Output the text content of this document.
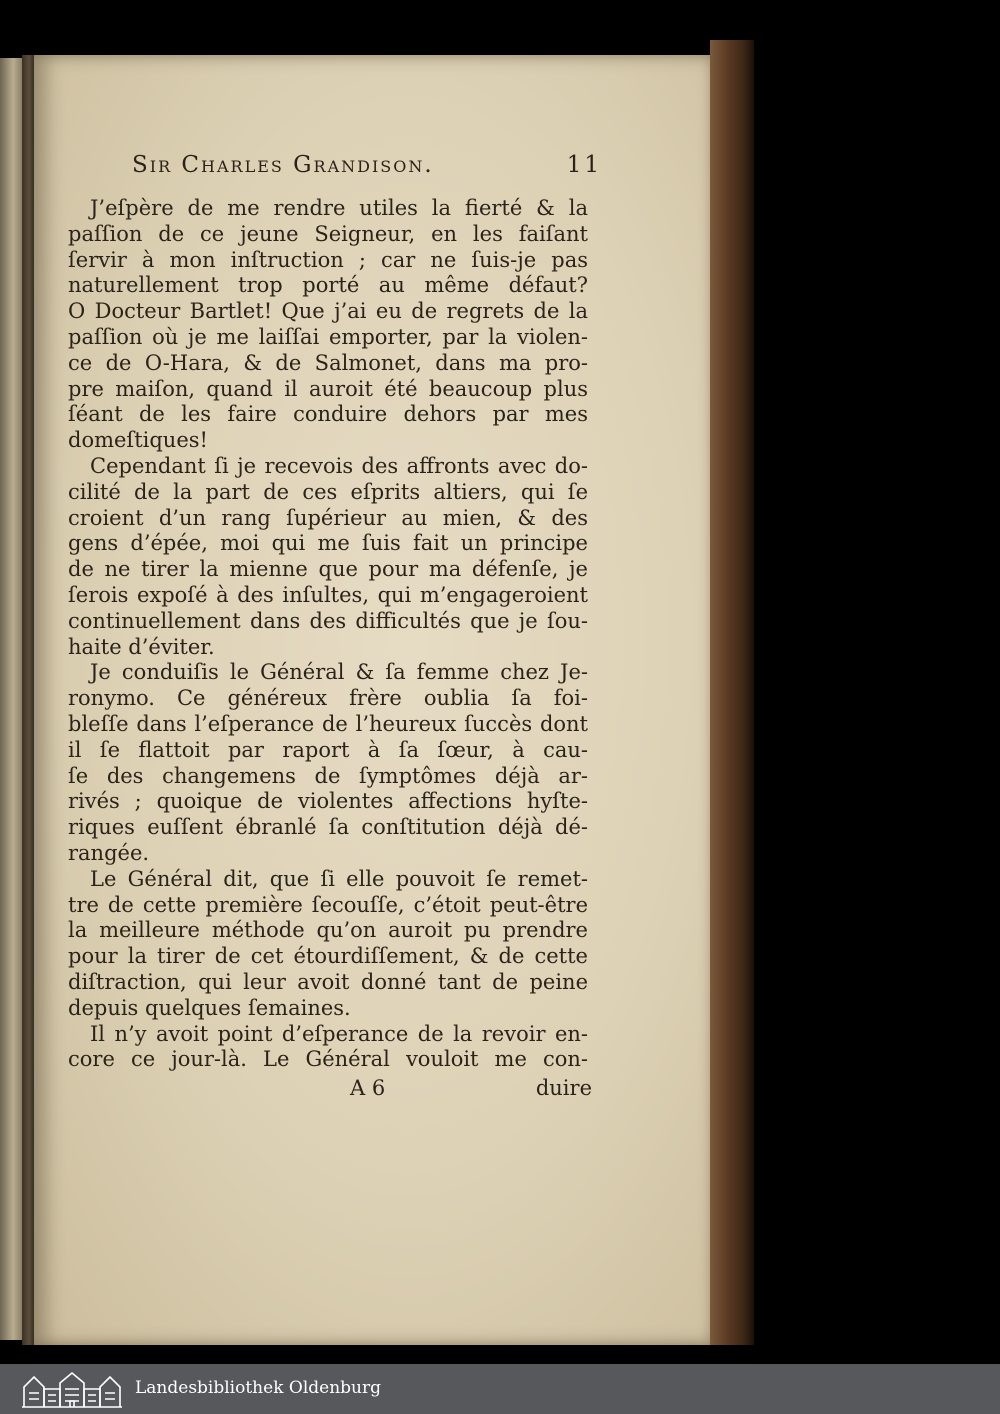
Sir Charles Grandison.	11
J’eſpère de me rendre utiles la fierté & la
paſſion de ce jeune Seigneur, en les faiſant
ſervir à mon inſtruction ; car ne ſuis-je pas
naturellement trop porté au même défaut?
O Docteur Bartlet! Que j’ai eu de regrets de la
paſſion où je me laiſſai emporter, par la violen-
ce de O-Hara, & de Salmonet, dans ma pro-
pre maiſon, quand il auroit été beaucoup plus
ſéant de les faire conduire dehors par mes
domeſtiques!
Cependant ſi je recevois des affronts avec do-
cilité de la part de ces eſprits altiers, qui ſe
croient d’un rang ſupérieur au mien, & des
gens d’épée, moi qui me ſuis fait un principe
de ne tirer la mienne que pour ma défenſe, je
ſerois expoſé à des inſultes, qui m’engageroient
continuellement dans des difficultés que je ſou-
haite d’éviter.
Je conduiſis le Général & ſa femme chez Je-
ronymo. Ce généreux frère oublia ſa foi-
bleſſe dans l’eſperance de l’heureux ſuccès dont
il ſe flattoit par raport à ſa ſœur, à cau-
ſe des changemens de ſymptômes déjà ar-
rivés ; quoique de violentes affections hyſte-
riques euſſent ébranlé ſa conſtitution déjà dé-
rangée.
Le Général dit, que ſi elle pouvoit ſe remet-
tre de cette première ſecouſſe, c’étoit peut-être
la meilleure méthode qu’on auroit pu prendre
pour la tirer de cet étourdiſſement, & de cette
diſtraction, qui leur avoit donné tant de peine
depuis quelques ſemaines.
Il n’y avoit point d’eſperance de la revoir en-
core ce jour-là. Le Général vouloit me con-
A 6	duire
Landesbibliothek Oldenburg
